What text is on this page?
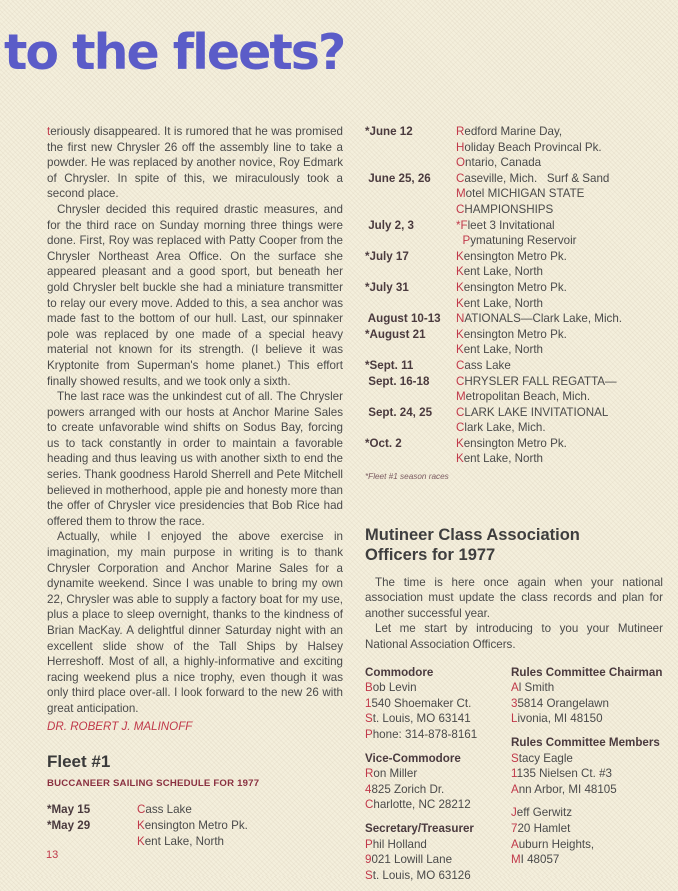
to the fleets?

teriously disappeared. It is rumored that he was promised the first new Chrysler 26 off the assembly line to take a powder. He was replaced by another novice, Roy Edmark of Chrysler. In spite of this, we miraculously took a second place.

Chrysler decided this required drastic measures, and for the third race on Sunday morning three things were done. First, Roy was replaced with Patty Cooper from the Chrysler Northeast Area Office. On the surface she appeared pleasant and a good sport, but beneath her gold Chrysler belt buckle she had a miniature transmitter to relay our every move. Added to this, a sea anchor was made fast to the bottom of our hull. Last, our spinnaker pole was replaced by one made of a special heavy material not known for its strength. (I believe it was Kryptonite from Superman's home planet.) This effort finally showed results, and we took only a sixth.

The last race was the unkindest cut of all. The Chrysler powers arranged with our hosts at Anchor Marine Sales to create unfavorable wind shifts on Sodus Bay, forcing us to tack constantly in order to maintain a favorable heading and thus leaving us with another sixth to end the series. Thank goodness Harold Sherrell and Pete Mitchell believed in motherhood, apple pie and honesty more than the offer of Chrysler vice presidencies that Bob Rice had offered them to throw the race.

Actually, while I enjoyed the above exercise in imagination, my main purpose in writing is to thank Chrysler Corporation and Anchor Marine Sales for a dynamite weekend. Since I was unable to bring my own 22, Chrysler was able to supply a factory boat for my use, plus a place to sleep overnight, thanks to the kindness of Brian MacKay. A delightful dinner Saturday night with an excellent slide show of the Tall Ships by Halsey Herreshoff. Most of all, a highly-informative and exciting racing weekend plus a nice trophy, even though it was only third place over-all. I look forward to the new 26 with great anticipation.

DR. ROBERT J. MALINOFF
Fleet #1
BUCCANEER SAILING SCHEDULE FOR 1977
*May 15	Cass Lake
*May 29	Kensington Metro Pk.
Kent Lake, North
*June 12	Redford Marine Day,
Holiday Beach Provincal Pk.
Ontario, Canada
June 25, 26	Caseville, Mich.   Surf & Sand
Motel MICHIGAN STATE
CHAMPIONSHIPS
July 2, 3	*Fleet 3 Invitational
Pymatuning Reservoir
*July 17	Kensington Metro Pk.
Kent Lake, North
*July 31	Kensington Metro Pk.
Kent Lake, North
August 10-13	NATIONALS—Clark Lake, Mich.
*August 21	Kensington Metro Pk.
Kent Lake, North
*Sept. 11	Cass Lake
Sept. 16-18	CHRYSLER FALL REGATTA—
Metropolitan Beach, Mich.
Sept. 24, 25	CLARK LAKE INVITATIONAL
Clark Lake, Mich.
*Oct. 2	Kensington Metro Pk.
Kent Lake, North
*Fleet #1 season races
Mutineer Class Association
Officers for 1977

The time is here once again when your national association must update the class records and plan for another successful year.

Let me start by introducing to you your Mutineer National Association Officers.

Commodore
Bob Levin
1540 Shoemaker Ct.
St. Louis, MO 63141
Phone: 314-878-8161
Vice-Commodore
Ron Miller
4825 Zorich Dr.
Charlotte, NC 28212
Secretary/Treasurer
Phil Holland
9021 Lowill Lane
St. Louis, MO 63126
Rules Committee Chairman
Al Smith
35814 Orangelawn
Livonia, MI 48150
Rules Committee Members
Stacy Eagle
1135 Nielsen Ct. #3
Ann Arbor, MI 48105
Jeff Gerwitz
720 Hamlet
Auburn Heights,
MI 48057
13
